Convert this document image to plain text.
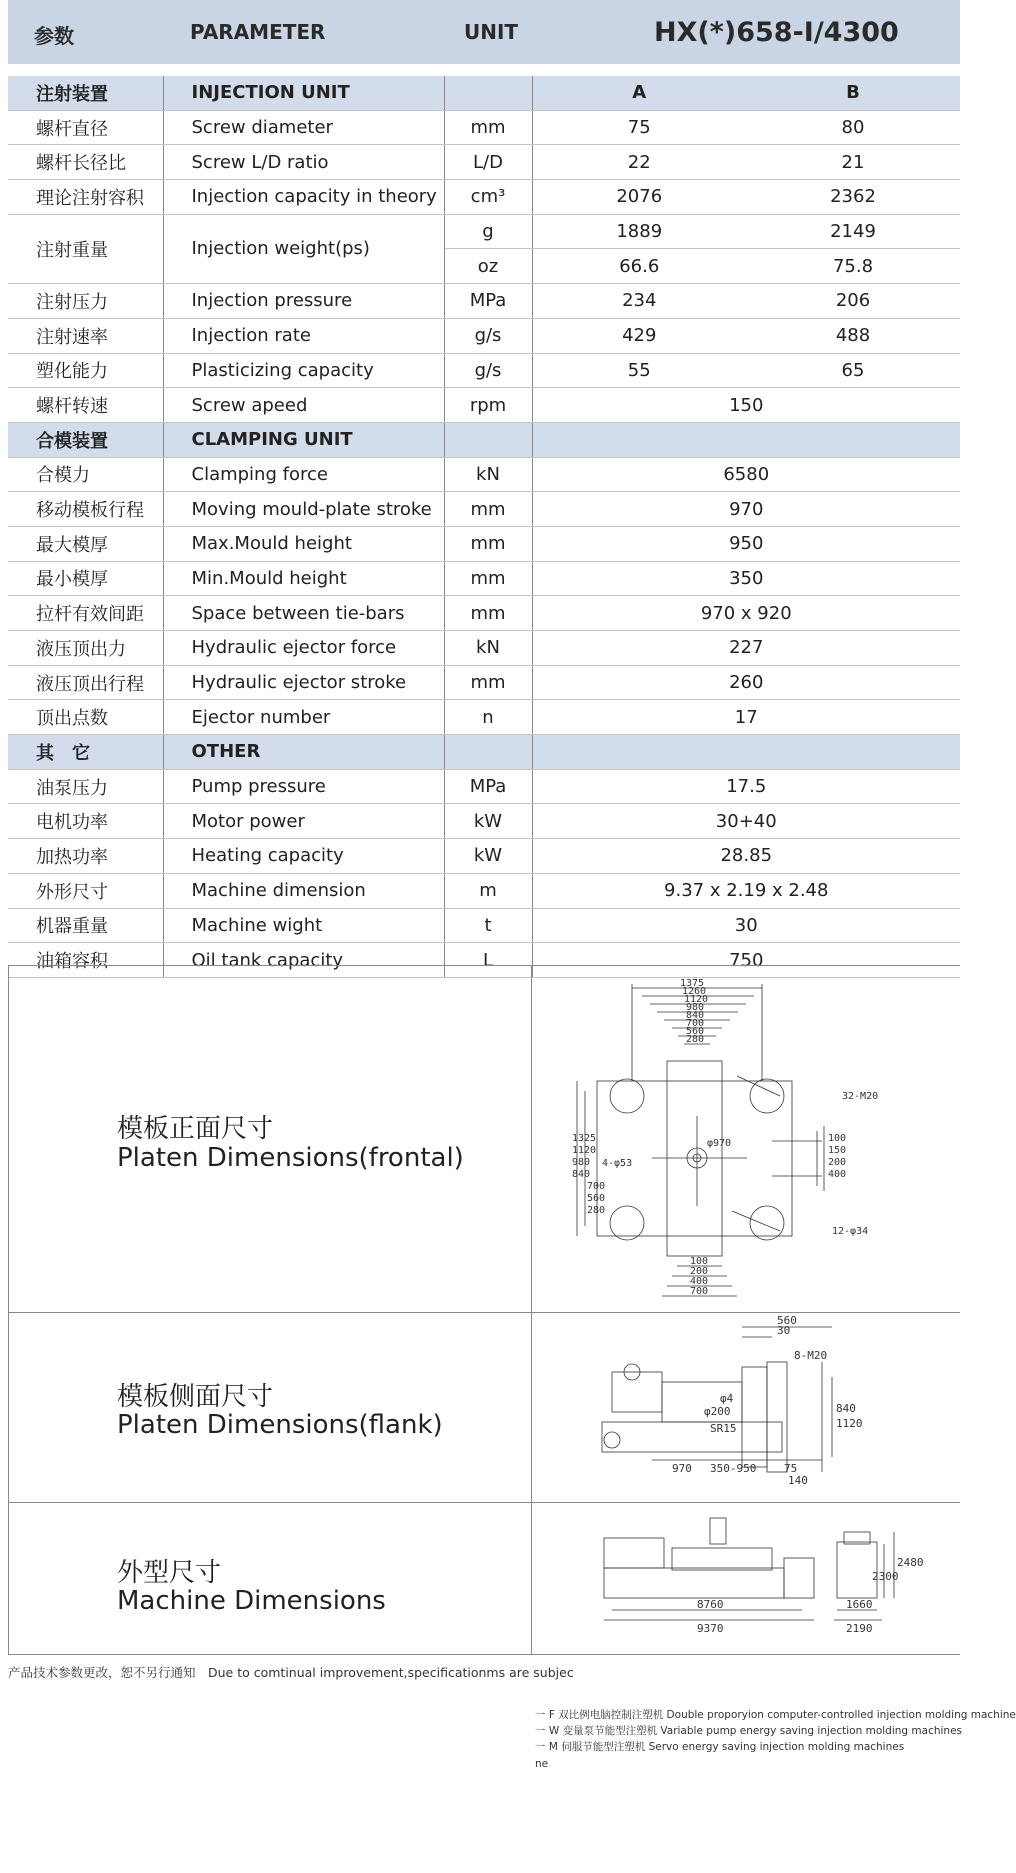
参数	PARAMETER	UNIT	HX(*)658-I/4300
注射装置	INJECTION UNIT		A	B
螺杆直径	Screw diameter	mm	75	80
螺杆长径比	Screw L/D ratio	L/D	22	21
理论注射容积	Injection capacity in theory	cm³	2076	2362
注射重量	Injection weight(ps)	g	1889	2149
		oz	66.6	75.8
注射压力	Injection pressure	MPa	234	206
注射速率	Injection rate	g/s	429	488
塑化能力	Plasticizing capacity	g/s	55	65
螺杆转速	Screw apeed	rpm	150	
合模装置	CLAMPING UNIT			
合模力	Clamping force	kN	6580	
移动模板行程	Moving mould-plate stroke	mm	970	
最大模厚	Max.Mould height	mm	950	
最小模厚	Min.Mould height	mm	350	
拉杆有效间距	Space between tie-bars	mm	970 x 920	
液压顶出力	Hydraulic ejector force	kN	227	
液压顶出行程	Hydraulic ejector stroke	mm	260	
顶出点数	Ejector number	n	17	
其　它	OTHER			
油泵压力	Pump pressure	MPa	17.5	
电机功率	Motor power	kW	30+40	
加热功率	Heating capacity	kW	28.85	
外形尺寸	Machine dimension	m	9.37 x 2.19 x 2.48	
机器重量	Machine wight	t	30	
油箱容积	Oil tank capacity	L	750	
模板正面尺寸
Platen Dimensions(frontal)
1375
1260
1120
980
840
700
560
280
1325
1120
980
840
700
560
280
100
150
200
400
100
200
400
700
32-M20
φ970
4-φ53
12-φ34
模板侧面尺寸
Platen Dimensions(flank)
560
30
8-M20
840
1120
φ4
φ200
SR15
970 350-950	75
140
外型尺寸
Machine Dimensions	8760
9370
2300
2480
1660
2190
产品技术参数更改，恕不另行通知　Due to comtinual improvement,specificationms are subjec
一 F 双比例电脑控制注塑机 Double proporyion computer-controlled injection molding machine
一 W 变量泵节能型注塑机 Variable pump energy saving injection molding machines
一 M 伺服节能型注塑机 Servo energy saving injection molding machines
ne
